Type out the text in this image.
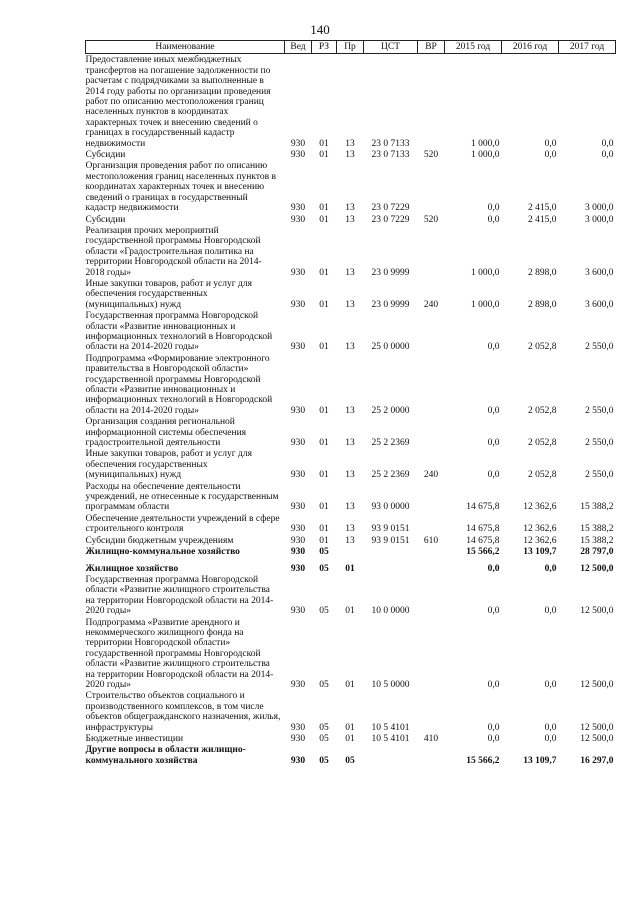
140
Наименование	Вед	РЗ	Пр	ЦСТ	ВР	2015 год	2016 год	2017 год
Предоставление иных межбюджетных трансфертов на погашение задолженности по расчетам с подрядчиками за выполненные в 2014 году работы по организации проведения работ по описанию местоположения границ населенных пунктов в координатах характерных точек и внесению сведений о границах в государственный кадастр недвижимости	930	01	13	23 0 7133		1 000,0	0,0	0,0
Субсидии	930	01	13	23 0 7133	520	1 000,0	0,0	0,0
Организация проведения работ по описанию местоположения границ населенных пунктов в координатах характерных точек и внесению сведений о границах в государственный кадастр недвижимости	930	01	13	23 0 7229		0,0	2 415,0	3 000,0
Субсидии	930	01	13	23 0 7229	520	0,0	2 415,0	3 000,0
Реализация прочих мероприятий государственной программы Новгородской области «Градостроительная политика на территории Новгородской области на 2014-2018 годы»	930	01	13	23 0 9999		1 000,0	2 898,0	3 600,0
Иные закупки товаров, работ и услуг для обеспечения государственных (муниципальных) нужд	930	01	13	23 0 9999	240	1 000,0	2 898,0	3 600,0
Государственная программа Новгородской области «Развитие инновационных и информационных технологий в Новгородской области на 2014-2020 годы»	930	01	13	25 0 0000		0,0	2 052,8	2 550,0
Подпрограмма «Формирование электронного правительства в Новгородской области» государственной программы Новгородской области «Развитие инновационных и информационных технологий в Новгородской области на 2014-2020 годы»	930	01	13	25 2 0000		0,0	2 052,8	2 550,0
Организация создания региональной информационной системы обеспечения градостроительной деятельности	930	01	13	25 2 2369		0,0	2 052,8	2 550,0
Иные закупки товаров, работ и услуг для обеспечения государственных (муниципальных) нужд	930	01	13	25 2 2369	240	0,0	2 052,8	2 550,0
Расходы на обеспечение деятельности учреждений, не отнесенные к государственным программам области	930	01	13	93 0 0000		14 675,8	12 362,6	15 388,2
Обеспечение деятельности учреждений в сфере строительного контроля	930	01	13	93 9 0151		14 675,8	12 362,6	15 388,2
Субсидии бюджетным учреждениям	930	01	13	93 9 0151	610	14 675,8	12 362,6	15 388,2
Жилищно-коммунальное хозяйство	930	05				15 566,2	13 109,7	28 797,0
Жилищное хозяйство	930	05	01			0,0	0,0	12 500,0
Государственная программа Новгородской области «Развитие жилищного строительства на территории Новгородской области на 2014-2020 годы»	930	05	01	10 0 0000		0,0	0,0	12 500,0
Подпрограмма «Развитие арендного и некоммерческого жилищного фонда на территории Новгородской области» государственной программы Новгородской области «Развитие жилищного строительства на территории Новгородской области на 2014-2020 годы»	930	05	01	10 5 0000		0,0	0,0	12 500,0
Строительство объектов социального и производственного комплексов, в том числе объектов общегражданского назначения, жилья, инфраструктуры	930	05	01	10 5 4101		0,0	0,0	12 500,0
Бюджетные инвестиции	930	05	01	10 5 4101	410	0,0	0,0	12 500,0
Другие вопросы в области жилищно-коммунального хозяйства	930	05	05			15 566,2	13 109,7	16 297,0
